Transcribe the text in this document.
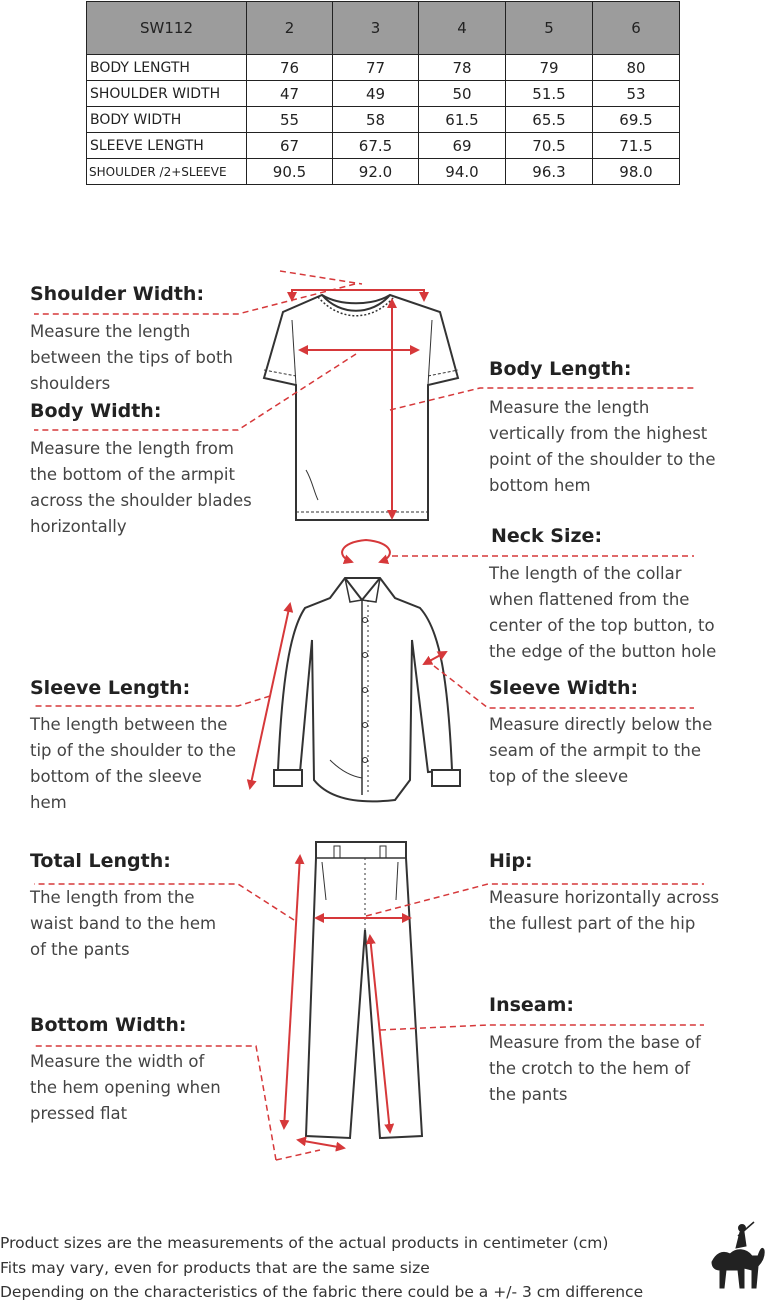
SW112	2	3	4	5	6
BODY LENGTH	76	77	78	79	80
SHOULDER WIDTH	47	49	50	51.5	53
BODY WIDTH	55	58	61.5	65.5	69.5
SLEEVE LENGTH	67	67.5	69	70.5	71.5
SHOULDER /2+SLEEVE	90.5	92.0	94.0	96.3	98.0
Shoulder Width:
Measure the length
between the tips of both
shoulders
Body Width:
Measure the length from
the bottom of the armpit
across the shoulder blades
horizontally
Sleeve Length:
The length between the
tip of the shoulder to the
bottom of the sleeve
hem
Total Length:
The length from the
waist band to the hem
of the pants
Bottom Width:
Measure the width of
the hem opening when
pressed flat
Body Length:
Measure the length
vertically from the highest
point of the shoulder to the
bottom hem
Neck Size:
The length of the collar
when flattened from the
center of the top button, to
the edge of the button hole
Sleeve Width:
Measure directly below the
seam of the armpit to the
top of the sleeve
Hip:
Measure horizontally across
the fullest part of the hip
Inseam:
Measure from the base of
the crotch to the hem of
the pants
Product sizes are the measurements of the actual products in centimeter (cm)
Fits may vary, even for products that are the same size
Depending on the characteristics of the fabric there could be a +/- 3 cm difference
